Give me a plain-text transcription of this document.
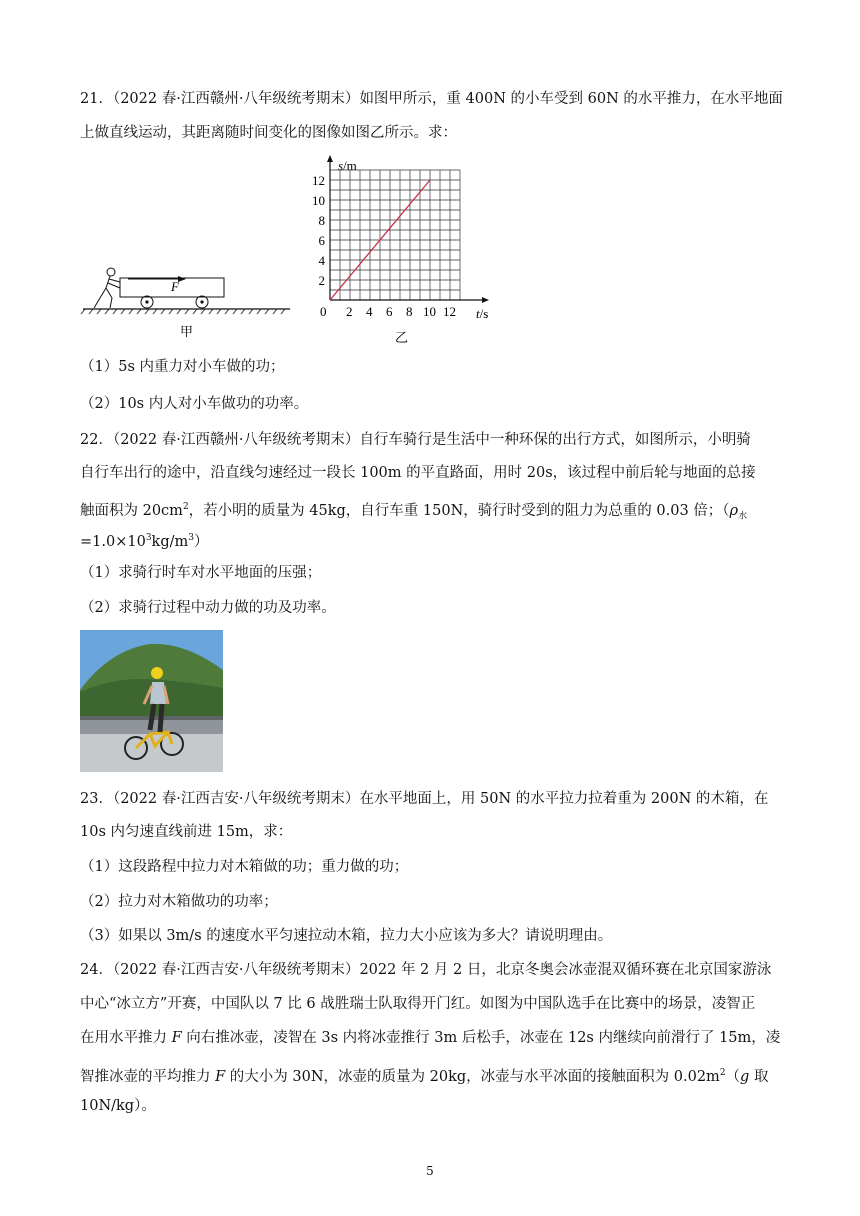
21．（2022 春·江西赣州·八年级统考期末）如图甲所示，重 400N 的小车受到 60N 的水平推力，在水平地面
上做直线运动，其距离随时间变化的图像如图乙所示。求：
F
甲
0 2 4 6 8 10 12
2
4
6
8
10
12
s/m
t/s
乙
（1）5s 内重力对小车做的功；
（2）10s 内人对小车做功的功率。
22．（2022 春·江西赣州·八年级统考期末）自行车骑行是生活中一种环保的出行方式，如图所示，小明骑
自行车出行的途中，沿直线匀速经过一段长 100m 的平直路面，用时 20s，该过程中前后轮与地面的总接
触面积为 $20cm^2$，若小明的质量为 45kg，自行车重 150N，骑行时受到的阻力为总重的 0.03 倍；（$\rho_水$
$=1.0\times 10^3kg/m^3$）
（1）求骑行时车对水平地面的压强；
（2）求骑行过程中动力做的功及功率。
23．（2022 春·江西吉安·八年级统考期末）在水平地面上，用 50N 的水平拉力拉着重为 200N 的木箱，在
10s 内匀速直线前进 15m，求：
（1）这段路程中拉力对木箱做的功；重力做的功；
（2）拉力对木箱做功的功率；
（3）如果以 3m/s 的速度水平匀速拉动木箱，拉力大小应该为多大？请说明理由。
24．（2022 春·江西吉安·八年级统考期末）2022 年 2 月 2 日，北京冬奥会冰壶混双循环赛在北京国家游泳
中心“冰立方”开赛，中国队以 7 比 6 战胜瑞士队取得开门红。如图为中国队选手在比赛中的场景，凌智正
在用水平推力 F 向右推冰壶，凌智在 3s 内将冰壶推行 3m 后松手，冰壶在 12s 内继续向前滑行了 15m，凌
智推冰壶的平均推力 F 的大小为 30N，冰壶的质量为 20kg，冰壶与水平冰面的接触面积为 $0.02m^2(g$ 取
10N/kg）。
5
